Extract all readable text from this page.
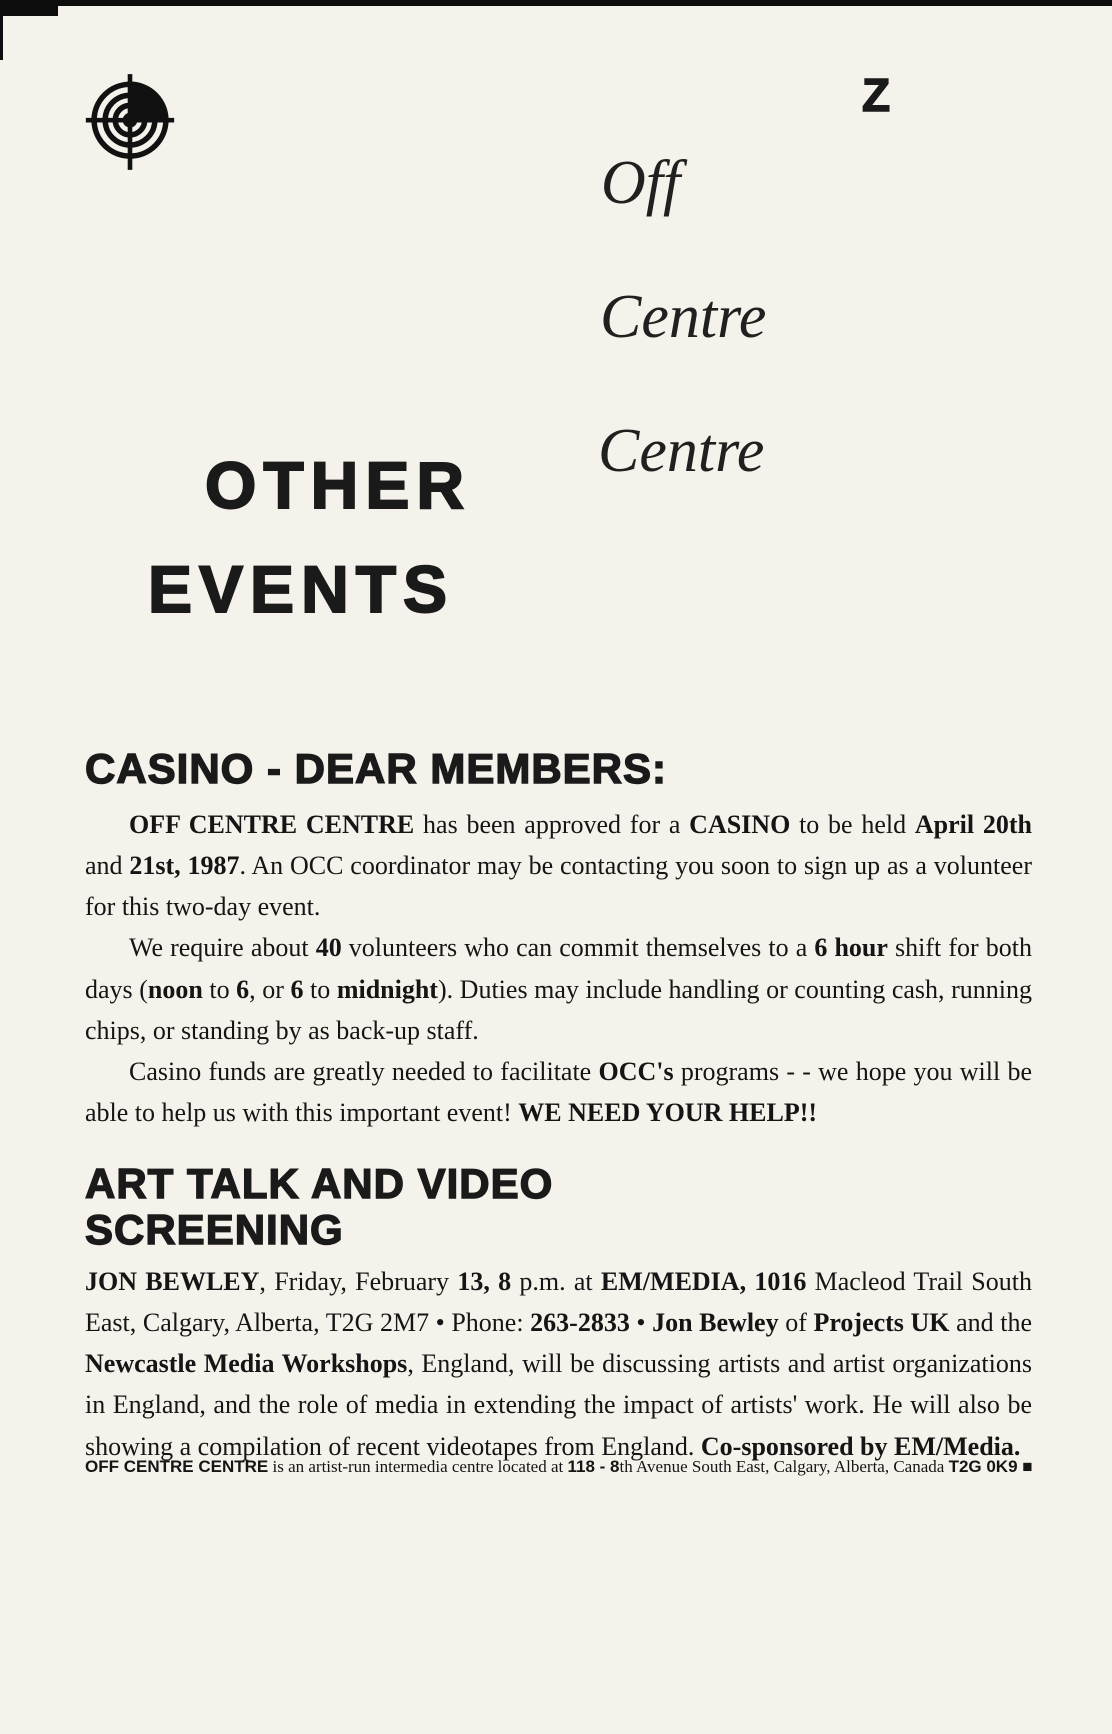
Z
Off
Centre
Centre
OTHER
EVENTS
CASINO - DEAR MEMBERS:

OFF CENTRE CENTRE has been approved for a CASINO to be held April 20th and 21st, 1987. An OCC coordinator may be contacting you soon to sign up as a volunteer for this two-day event.

We require about 40 volunteers who can commit themselves to a 6 hour shift for both days (noon to 6, or 6 to midnight). Duties may include handling or counting cash, running chips, or standing by as back-up staff.

Casino funds are greatly needed to facilitate OCC's programs - - we hope you will be able to help us with this important event! WE NEED YOUR HELP!!

ART TALK AND VIDEO
SCREENING

JON BEWLEY, Friday, February 13, 8 p.m. at EM/MEDIA, 1016 Macleod Trail South East, Calgary, Alberta, T2G 2M7 • Phone: 263-2833 • Jon Bewley of Projects UK and the Newcastle Media Workshops, England, will be discussing artists and artist organizations in England, and the role of media in extending the impact of artists' work. He will also be showing a compilation of recent videotapes from England. Co-sponsored by EM/Media.

OFF CENTRE CENTRE is an artist-run intermedia centre located at 118 - 8th Avenue South East, Calgary, Alberta, Canada T2G 0K9 ■
